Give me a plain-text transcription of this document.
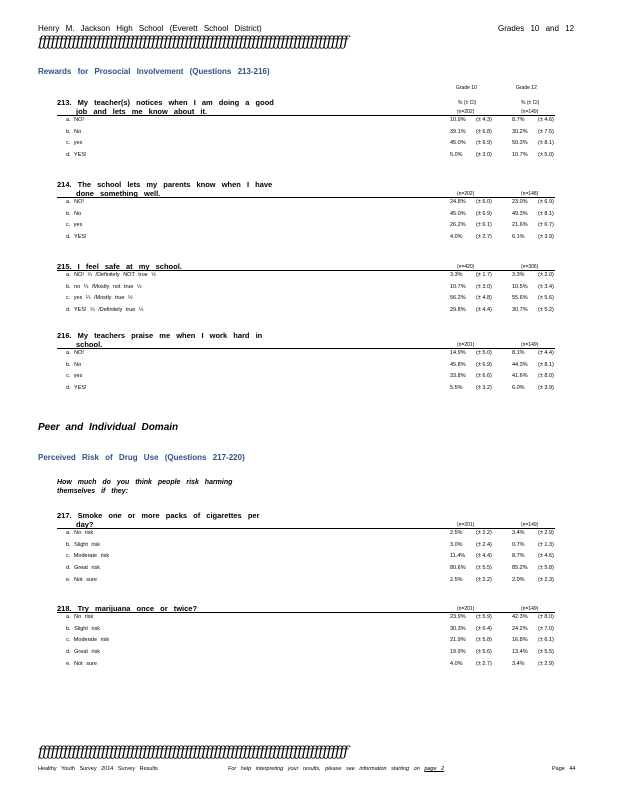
Henry M. Jackson High School (Everett School District)	Grades 10 and 12
ƒƒƒƒƒƒƒƒƒƒƒƒƒƒƒƒƒƒƒƒƒƒƒƒƒƒƒƒƒƒƒƒƒƒƒƒƒƒƒƒƒƒƒƒƒƒƒƒƒƒƒƒƒƒƒƒƒƒƒƒƒƒƒƒƒƒƒƒƒƒƒƒƒƒ
Rewards for Prosocial Involvement (Questions 213-216)
Grade 10	Grade 12
% (± CI)	% (± CI)
213. My teacher(s) notices when I am doing a good
job and lets me know about it.	(n=202)	(n=149)
a. NO!	10.9% (± 4.3)	8.7% (± 4.6)
b. No	39.1% (± 6.8)	30.2% (± 7.5)
c. yes	45.0% (± 6.9)	50.3% (± 8.1)
d. YES!	5.0% (± 3.0)	10.7% (± 5.0)
214. The school lets my parents know when I have
done something well.	(n=202)	(n=148)
a. NO!	24.8% (± 6.0)	23.0% (± 6.9)
b. No	45.0% (± 6.9)	49.3% (± 8.1)
c. yes	26.2% (± 6.1)	21.6% (± 6.7)
d. YES!	4.0% (± 2.7)	6.1% (± 3.9)
215. I feel safe at my school.	(n=420)	(n=306)
a. NO! ¼ /Definitely NOT true ½	3.3% (± 1.7)	3.3% (± 2.0)
b. no ¼ /Mostly not true ½	10.7% (± 3.0)	10.5% (± 3.4)
c. yes ¼ /Mostly true ½	56.2% (± 4.8)	55.6% (± 5.6)
d. YES! ¼ /Definitely true ½	29.8% (± 4.4)	30.7% (± 5.2)
216. My teachers praise me when I work hard in
school.	(n=201)	(n=149)
a. NO!	14.9% (± 5.0)	8.1% (± 4.4)
b. No	45.8% (± 6.9)	44.3% (± 8.1)
c. yes	33.8% (± 6.6)	41.6% (± 8.0)
d. YES!	5.5% (± 3.2)	6.0% (± 3.9)
Peer and Individual Domain
Perceived Risk of Drug Use (Questions 217-220)
How much do you think people risk harming
themselves if they:
217. Smoke one or more packs of cigarettes per
day?	(n=201)	(n=149)
a. No risk	2.5% (± 2.2)	3.4% (± 2.9)
b. Slight risk	3.0% (± 2.4)	0.7% (± 1.3)
c. Moderate risk	11.4% (± 4.4)	8.7% (± 4.6)
d. Great risk	80.6% (± 5.5)	85.2% (± 5.8)
e. Not sure	2.5% (± 2.2)	2.0% (± 2.3)
218. Try marijuana once or twice?	(n=201)	(n=149)
a. No risk	23.9% (± 5.9)	42.3% (± 8.0)
b. Slight risk	30.3% (± 6.4)	24.2% (± 7.0)
c. Moderate risk	21.9% (± 5.8)	16.8% (± 6.1)
d. Great risk	19.9% (± 5.6)	13.4% (± 5.5)
e. Not sure	4.0% (± 2.7)	3.4% (± 2.9)
ƒƒƒƒƒƒƒƒƒƒƒƒƒƒƒƒƒƒƒƒƒƒƒƒƒƒƒƒƒƒƒƒƒƒƒƒƒƒƒƒƒƒƒƒƒƒƒƒƒƒƒƒƒƒƒƒƒƒƒƒƒƒƒƒƒƒƒƒƒƒƒƒƒƒ
Healthy Youth Survey 2014 Survey Results	For help interpreting your results, please see information starting on page 2	Page 44
